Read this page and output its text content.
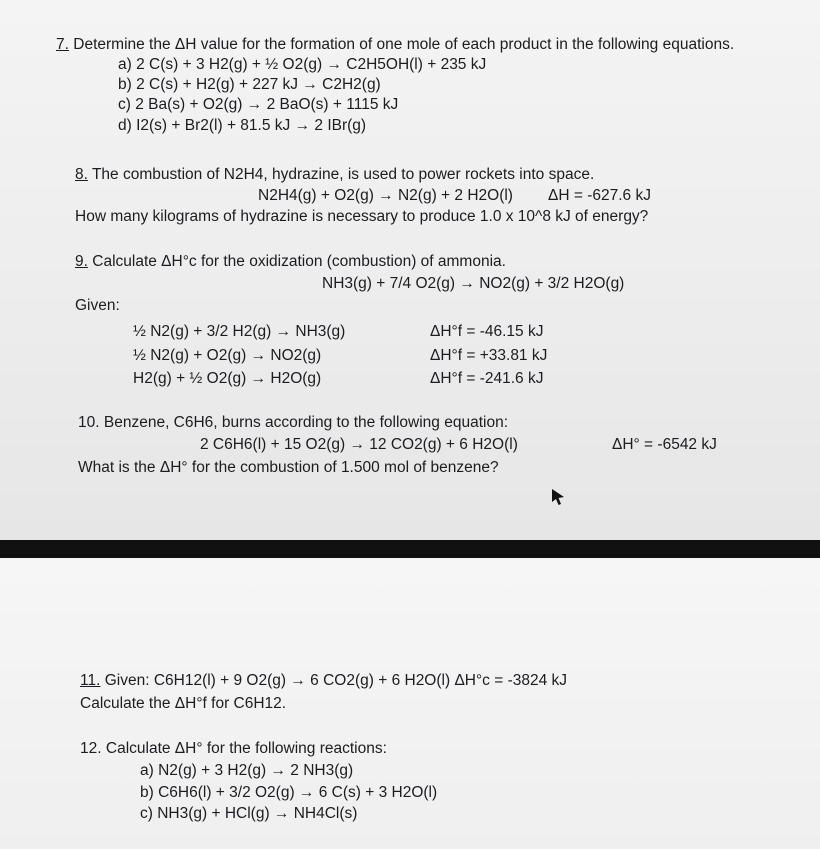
7. Determine the ΔH value for the formation of one mole of each product in the following equations.
a) 2 C(s) + 3 H2(g) + ½ O2(g) → C2H5OH(l) + 235 kJ
b) 2 C(s) + H2(g) + 227 kJ → C2H2(g)
c) 2 Ba(s) + O2(g) → 2 BaO(s) + 1115 kJ
d) I2(s) + Br2(l) + 81.5 kJ → 2 IBr(g)
8. The combustion of N2H4, hydrazine, is used to power rockets into space.
N2H4(g) + O2(g) → N2(g) + 2 H2O(l) ΔH = -627.6 kJ
How many kilograms of hydrazine is necessary to produce 1.0 x 10^8 kJ of energy?
9. Calculate ΔH°c for the oxidization (combustion) of ammonia.
NH3(g) + 7/4 O2(g) → NO2(g) + 3/2 H2O(g)
Given:
½ N2(g) + 3/2 H2(g) → NH3(g)	ΔH°f = -46.15 kJ
½ N2(g) + O2(g) → NO2(g)	ΔH°f = +33.81 kJ
H2(g) + ½ O2(g) → H2O(g)	ΔH°f = -241.6 kJ
10. Benzene, C6H6, burns according to the following equation:
2 C6H6(l) + 15 O2(g) → 12 CO2(g) + 6 H2O(l)	ΔH° = -6542 kJ
What is the ΔH° for the combustion of 1.500 mol of benzene?
11. Given: C6H12(l) + 9 O2(g) → 6 CO2(g) + 6 H2O(l) ΔH°c = -3824 kJ
Calculate the ΔH°f for C6H12.
12. Calculate ΔH° for the following reactions:
a) N2(g) + 3 H2(g) → 2 NH3(g)
b) C6H6(l) + 3/2 O2(g) → 6 C(s) + 3 H2O(l)
c) NH3(g) + HCl(g) → NH4Cl(s)
